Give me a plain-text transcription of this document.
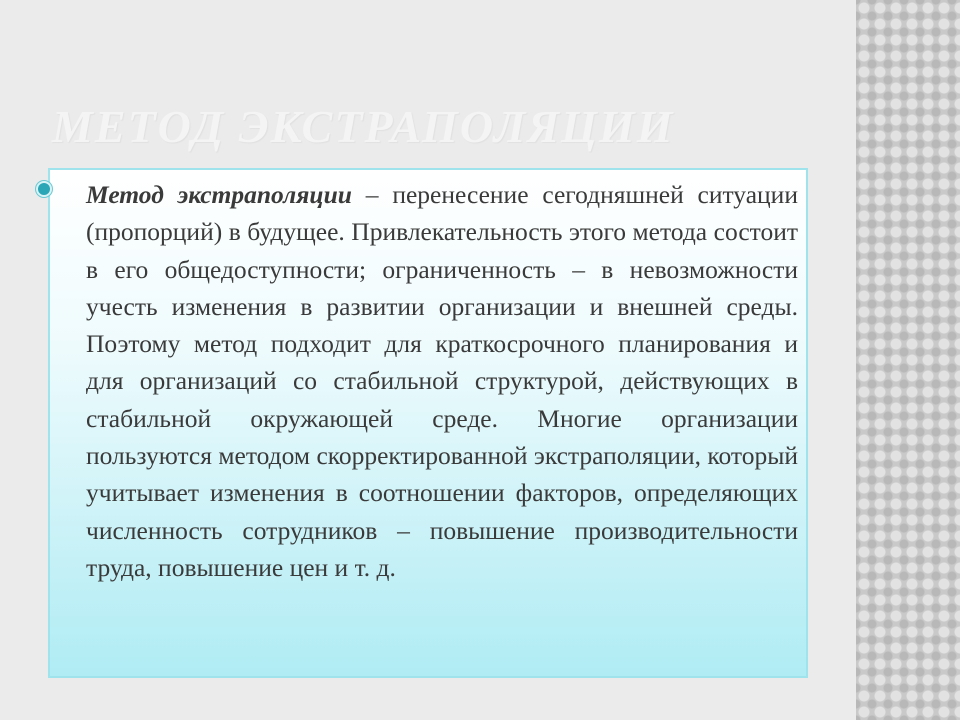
МЕТОД ЭКСТРАПОЛЯЦИИ

Метод экстраполяции – перенесение сегодняшней ситуации (пропорций) в будущее. Привлекательность этого метода состоит в его общедоступности; ограниченность – в невозможности учесть изменения в развитии организации и внешней среды. Поэтому метод подходит для краткосрочного планирования и для организаций со стабильной структурой, действующих в стабильной окружающей среде. Многие организации пользуются методом скорректированной экстраполяции, который учитывает изменения в соотношении факторов, определяющих численность сотрудников – повышение производительности труда, повышение цен и т. д.
